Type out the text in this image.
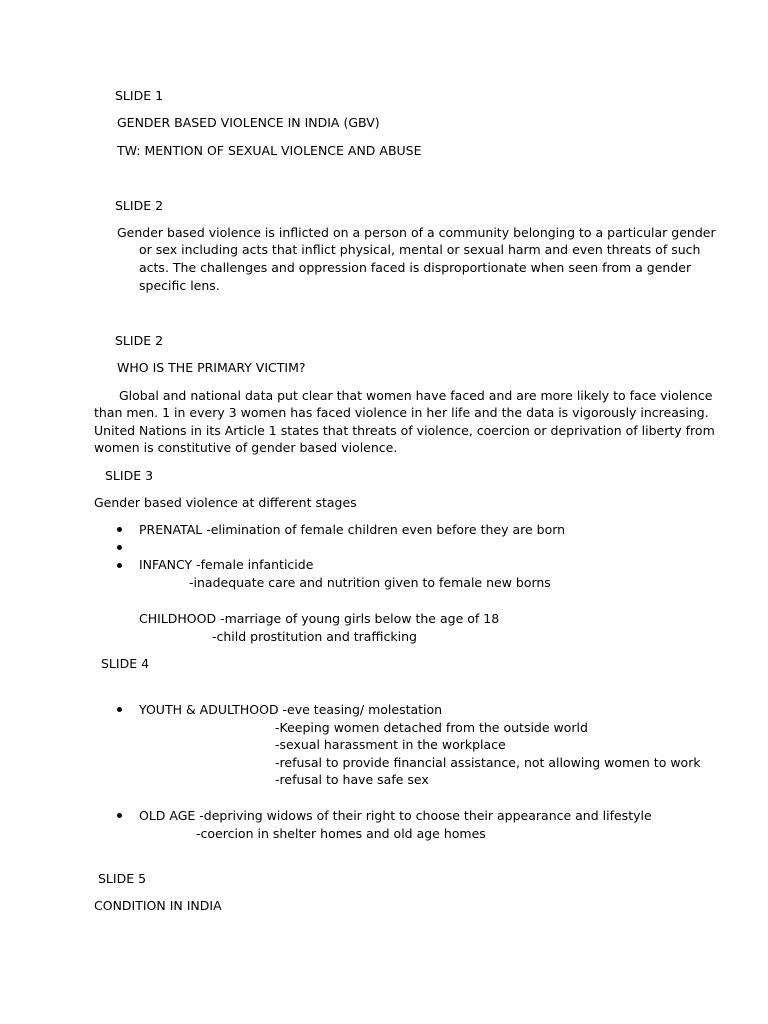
SLIDE 1
GENDER BASED VIOLENCE IN INDIA (GBV)
TW: MENTION OF SEXUAL VIOLENCE AND ABUSE
SLIDE 2
Gender based violence is inflicted on a person of a community belonging to a particular gender
or sex including acts that inflict physical, mental or sexual harm and even threats of such
acts. The challenges and oppression faced is disproportionate when seen from a gender
specific lens.
SLIDE 2
WHO IS THE PRIMARY VICTIM?
Global and national data put clear that women have faced and are more likely to face violence
than men. 1 in every 3 women has faced violence in her life and the data is vigorously increasing.
United Nations in its Article 1 states that threats of violence, coercion or deprivation of liberty from
women is constitutive of gender based violence.
SLIDE 3
Gender based violence at different stages
PRENATAL -elimination of female children even before they are born
INFANCY -female infanticide
-inadequate care and nutrition given to female new borns
CHILDHOOD -marriage of young girls below the age of 18
-child prostitution and trafficking
SLIDE 4
YOUTH & ADULTHOOD -eve teasing/ molestation
-Keeping women detached from the outside world
-sexual harassment in the workplace
-refusal to provide financial assistance, not allowing women to work
-refusal to have safe sex
OLD AGE -depriving widows of their right to choose their appearance and lifestyle
-coercion in shelter homes and old age homes
SLIDE 5
CONDITION IN INDIA
